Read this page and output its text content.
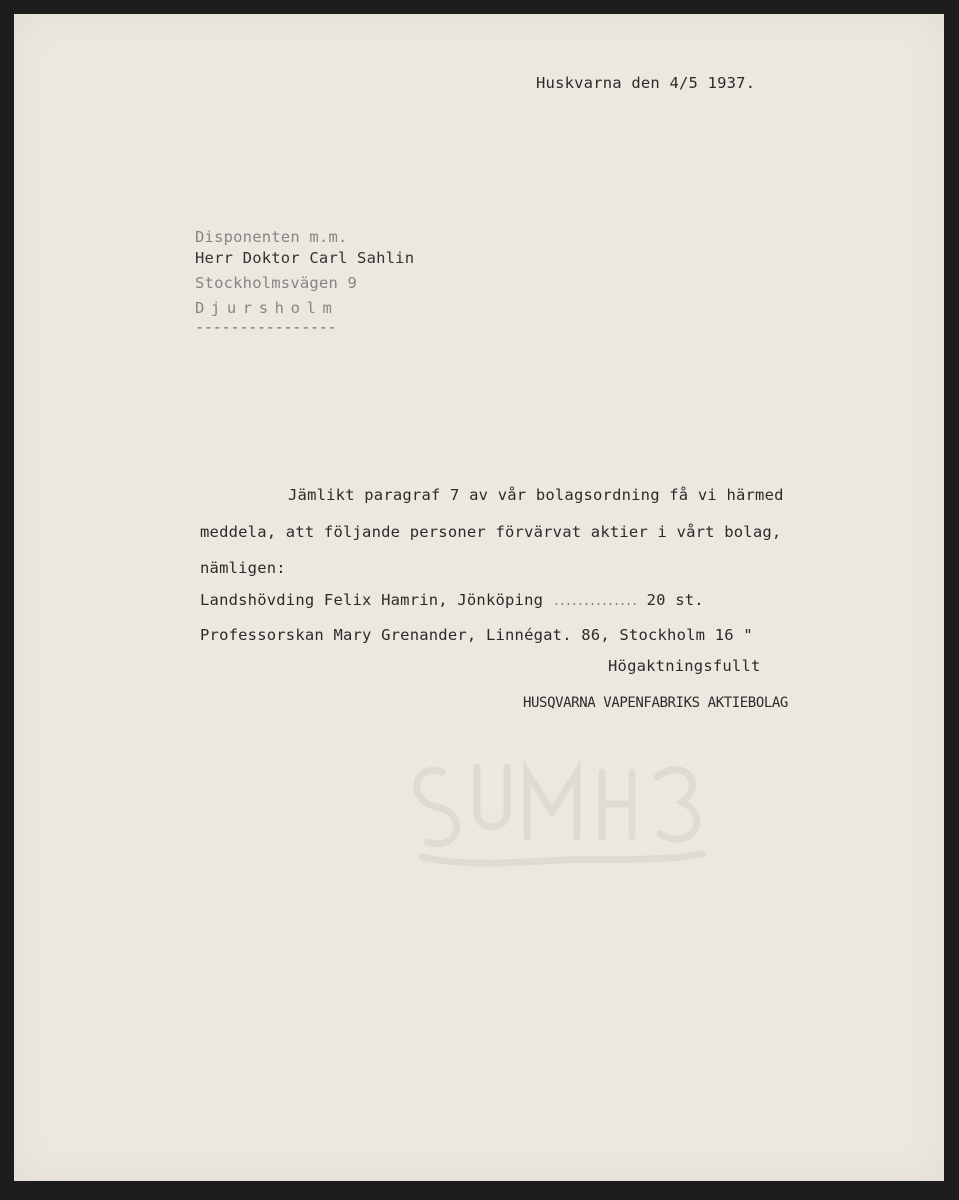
Huskvarna den 4/5 1937.
Disponenten m.m.
Herr Doktor Carl Sahlin
Stockholmsvägen 9
Djursholm
----------------
Jämlikt paragraf 7 av vår bolagsordning få vi härmed
meddela, att följande personer förvärvat aktier i vårt bolag,
nämligen:
Landshövding Felix Hamrin, Jönköping .............. 20 st.
Professorskan Mary Grenander, Linnégat. 86, Stockholm 16 "
Högaktningsfullt
HUSQVARNA VAPENFABRIKS AKTIEBOLAG
